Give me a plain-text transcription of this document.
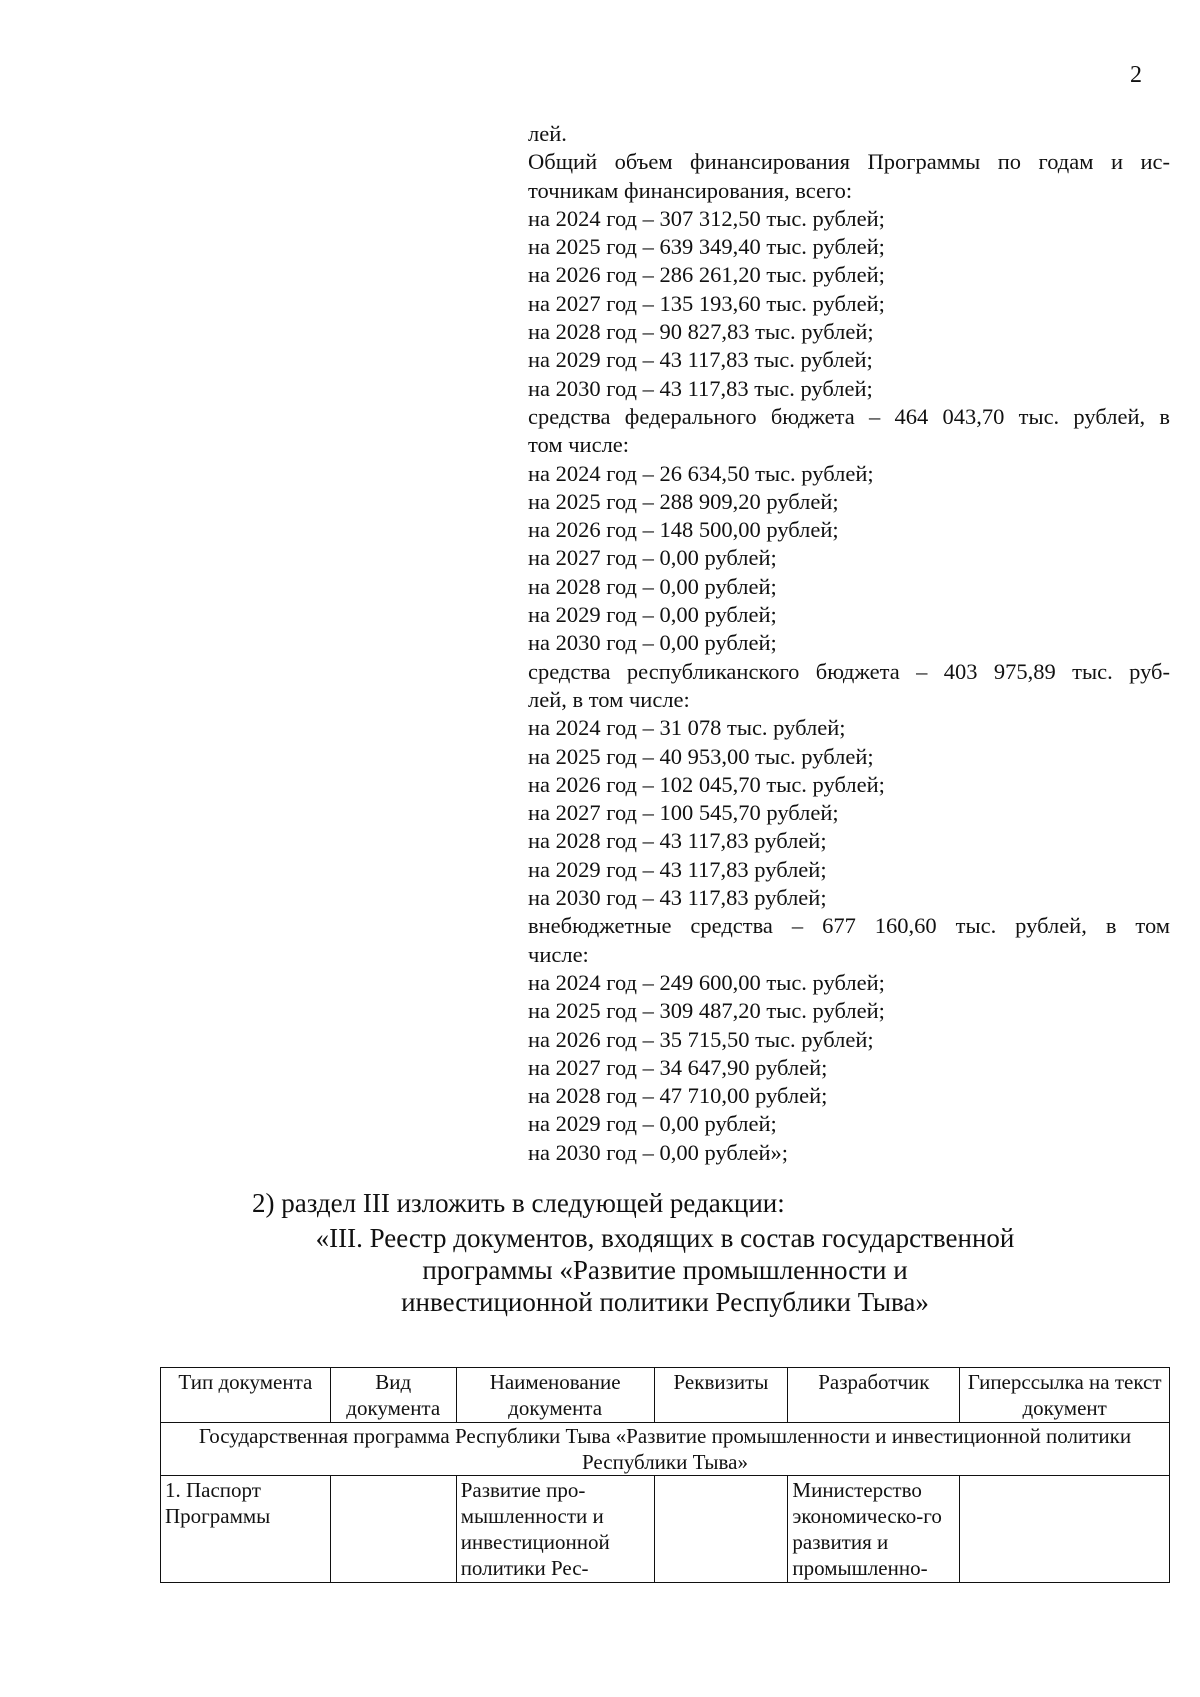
2
лей.
Общий объем финансирования Программы по годам и ис-
точникам финансирования, всего:
на 2024 год – 307 312,50 тыс. рублей;
на 2025 год – 639 349,40 тыс. рублей;
на 2026 год – 286 261,20 тыс. рублей;
на 2027 год – 135 193,60 тыс. рублей;
на 2028 год – 90 827,83 тыс. рублей;
на 2029 год – 43 117,83 тыс. рублей;
на 2030 год – 43 117,83 тыс. рублей;
средства федерального бюджета – 464 043,70 тыс. рублей, в
том числе:
на 2024 год – 26 634,50 тыс. рублей;
на 2025 год – 288 909,20 рублей;
на 2026 год – 148 500,00 рублей;
на 2027 год – 0,00 рублей;
на 2028 год – 0,00 рублей;
на 2029 год – 0,00 рублей;
на 2030 год – 0,00 рублей;
средства республиканского бюджета – 403 975,89 тыс. руб-
лей, в том числе:
на 2024 год – 31 078 тыс. рублей;
на 2025 год – 40 953,00 тыс. рублей;
на 2026 год – 102 045,70 тыс. рублей;
на 2027 год – 100 545,70 рублей;
на 2028 год – 43 117,83 рублей;
на 2029 год – 43 117,83 рублей;
на 2030 год – 43 117,83 рублей;
внебюджетные средства – 677 160,60 тыс. рублей, в том
числе:
на 2024 год – 249 600,00 тыс. рублей;
на 2025 год – 309 487,20 тыс. рублей;
на 2026 год – 35 715,50 тыс. рублей;
на 2027 год – 34 647,90 рублей;
на 2028 год – 47 710,00 рублей;
на 2029 год – 0,00 рублей;
на 2030 год – 0,00 рублей»;
2) раздел III изложить в следующей редакции:
«III. Реестр документов, входящих в состав государственной
программы «Развитие промышленности и
инвестиционной политики Республики Тыва»
Тип документа	Вид документа	Наименование документа	Реквизиты	Разработчик	Гиперссылка на текст документ
Государственная программа Республики Тыва «Развитие промышленности и инвестиционной политики Республики Тыва»					
1. Паспорт Программы		Развитие про-мышленности и инвестиционной политики Рес-		Министерство экономическо-го развития и промышленно-	
